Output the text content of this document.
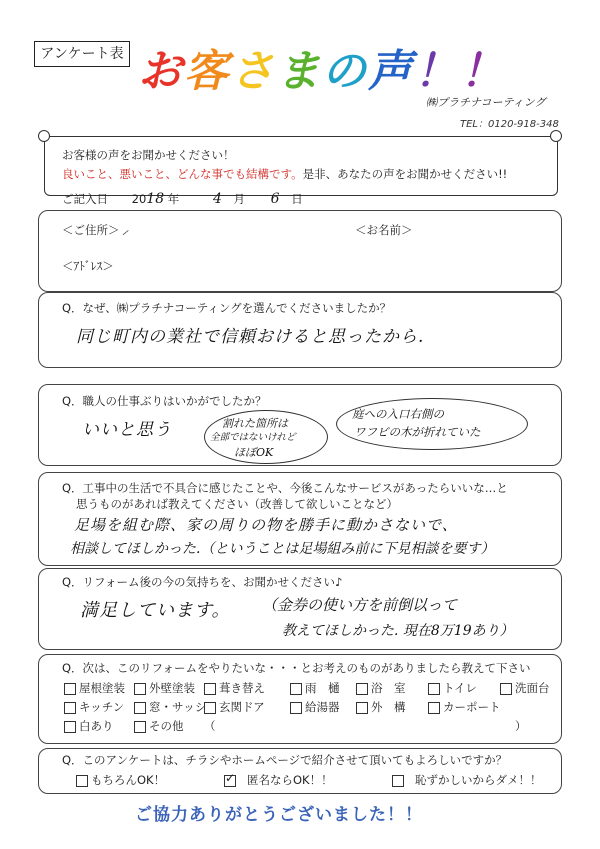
アンケート表 お客さまの声！！
㈱プラチナコーティング
TEL：0120-918-348
お客様の声をお聞かせください！
良いこと、悪いこと、どんな事でも結構です。是非、あなたの声をお聞かせください!!
ご記入日 2018 年 4 月 6 日
＜ご住所＞ ⸝	＜お名前＞
＜ｱﾄﾞﾚｽ＞
Q．なぜ、㈱プラチナコーティングを選んでくださいましたか？
同じ町内の業社で信頼おけると思ったから.
Q．職人の仕事ぶりはいかがでしたか？
いいと思う	割れた箇所は
全部ではないけれど
ほぼOK
庭への入口右側の
ワフビの木が折れていた
Q．工事中の生活で不具合に感じたことや、今後こんなサービスがあったらいいな…と
思うものがあれば教えてください（改善して欲しいことなど）
足場を組む際、家の周りの物を勝手に動かさないで、
相談してほしかった.（ということは足場組み前に下見相談を要す）
Q．リフォーム後の今の気持ちを、お聞かせください♪
満足しています。 （金券の使い方を前倒以って
教えてほしかった. 現在8万19あり）
Q．次は、このリフォームをやりたいな・・・とお考えのものがありましたら教えて下さい
屋根塗装	外壁塗装	葺き替え	雨　樋	浴　室	トイレ	洗面台
キッチン	窓・サッシ	玄関ドア	給湯器	外　構	カーポート
白あり	その他 （	）
Q．このアンケートは、チラシやホームページで紹介させて頂いてもよろしいですか？
もちろんOK！	✓ 匿名ならOK！！	恥ずかしいからダメ！！
ご協力ありがとうございました！！
